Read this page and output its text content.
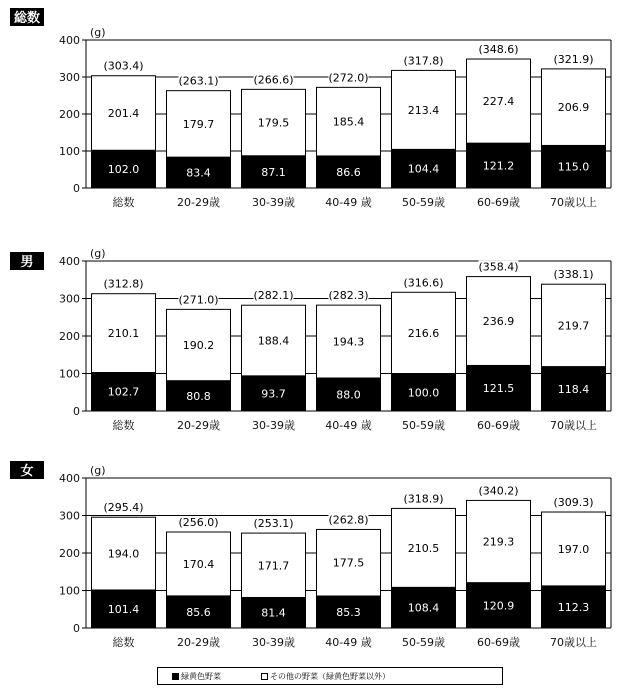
総数
(g)
0
100
200
300
400
102.0
201.4
(303.4)
総数
83.4
179.7
(263.1)
20-29歳
87.1
179.5
(266.6)
30-39歳
86.6
185.4
(272.0)
40-49 歳
104.4
213.4
(317.8)
50-59歳
121.2
227.4
(348.6)
60-69歳
115.0
206.9
(321.9)
70歳以上
男
(g)
0
100
200
300
400
102.7
210.1
(312.8)
総数
80.8
190.2
(271.0)
20-29歳
93.7
188.4
(282.1)
30-39歳
88.0
194.3
(282.3)
40-49 歳
100.0
216.6
(316.6)
50-59歳
121.5
236.9
(358.4)
60-69歳
118.4
219.7
(338.1)
70歳以上
女	(g)
0
100
200
300
400
101.4
194.0
(295.4)
総数
85.6
170.4
(256.0)
20-29歳
81.4
171.7
(253.1)
30-39歳
85.3
177.5
(262.8)
40-49 歳
108.4
210.5
(318.9)
50-59歳
120.9
219.3
(340.2)
60-69歳
112.3
197.0
(309.3)
70歳以上
緑黄色野菜	その他の野菜（緑黄色野菜以外）
